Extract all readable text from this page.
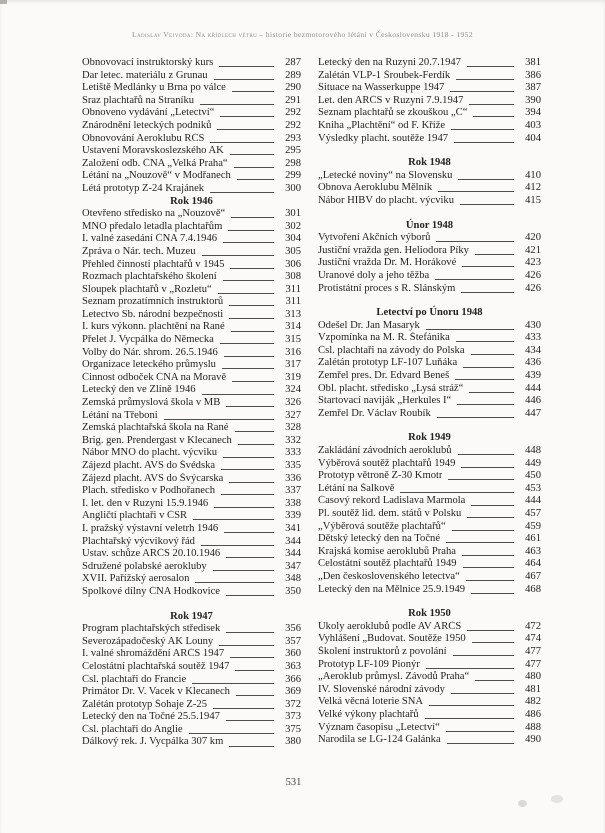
Ladislav Vejvoda: Na křídlech větru – historie bezmotorového létání v Československu 1918 - 1952
Obnovovací instruktorský kurs	287
Dar letec. materiálu z Grunau	289
Letiště Medlánky u Brna po válce	290
Sraz plachtařů na Straníku	291
Obnoveno vydávání „Letectví“	292
Znárodnění leteckých podniků	292
Obnovování Aeroklubu RČS	293
Ustavení Moravskoslezského AK	295
Založení odb. ČNA „Velká Praha“	298
Létání na „Nouzově“ v Modřanech	299
Létá prototyp Z-24 Krajánek	300
Rok 1946
Otevřeno středisko na „Nouzově“	301
MNO předalo letadla plachtařům	302
I. valné zasedání ČNA 7.4.1946	304
Zpráva o Nár. tech. Muzeu	305
Přehled činnosti plachtařů v 1945	306
Rozmach plachtařského školení	308
Sloupek plachtařů v „Rozletu“	311
Seznam prozatímních instruktorů	311
Letectvo Sb. národní bezpečnosti	313
I. kurs výkonn. plachtění na Rané	314
Přelet J. Vycpálka do Německa	315
Volby do Nár. shrom. 26.5.1946	316
Organizace leteckého průmyslu	317
Činnost odboček ČNA na Moravě	319
Letecký den ve Zlíně 1946	324
Zemská průmyslová škola v MB	326
Létání na Třeboni	327
Zemská plachtařská škola na Rané	328
Brig. gen. Prendergast v Klecanech	332
Nábor MNO do placht. výcviku	333
Zájezd placht. AVS do Švédska	335
Zájezd placht. AVS do Švýcarska	336
Plach. středisko v Podhořanech	337
I. let. den v Ruzyni 15.9.1946	338
Angličtí plachtaři v ČSR	339
I. pražský výstavní veletrh 1946	341
Plachtařský výcvikový řád	344
Ustav. schůze ARČS 20.10.1946	344
Sdružené polabské aerokluby	347
XVII. Pařížský aerosalon	348
Spolkové dílny ČNA Hodkovice	350
Rok 1947
Program plachtařských středisek	356
Severozápadočeský AK Louny	357
I. valné shromáždění ARČS 1947	360
Celostátní plachtařská soutěž 1947	363
Čsl. plachtaři do Francie	366
Primátor Dr. V. Vacek v Klecanech	369
Zalétán prototyp Šohaje Z-25	372
Letecký den na Točné 25.5.1947	373
Čsl. plachtaři do Anglie	375
Dálkový rek. J. Vycpálka 307 km	380
Letecký den na Ruzyni 20.7.1947	381
Zalétán VLP-1 Šroubek-Ferdík	386
Situace na Wasserkuppe 1947	387
Let. den ARČS v Ruzyni 7.9.1947	390
Seznam plachtařů se zkouškou „C“	394
Kniha „Plachtění“ od F. Kříže	403
Výsledky placht. soutěže 1947	404
Rok 1948
„Letecké noviny“ na Slovensku	410
Obnova Aeroklubu Mělník	412
Nábor HIBV do placht. výcviku	415
Únor 1948
Vytvoření Akčních výborů	420
Justiční vražda gen. Heliodora Píky	421
Justiční vražda Dr. M. Horákové	423
Uranové doly a jeho těžba	426
Protistátní proces s R. Slánským	426
Letectví po Únoru 1948
Odešel Dr. Jan Masaryk	430
Vzpomínka na M. R. Štefánika	433
Čsl. plachtaři na závody do Polska	434
Zalétán prototyp LF-107 Luňáka	436
Zemřel pres. Dr. Edvard Beneš	439
Obl. placht. středisko „Lysá stráž“	444
Startovací naviják „Herkules I“	446
Zemřel Dr. Václav Roubík	447
Rok 1949
Zakládání závodních aeroklubů	448
Výběrová soutěž plachtařů 1949	449
Prototyp větroně Z-30 Kmotr	450
Létání na Šalkově	453
Časový rekord Ladislava Marmola	444
Pl. soutěž lid. dem. států v Polsku	457
„Výběrová soutěže plachtařů“	459
Dětský letecký den na Točné	461
Krajská komise aeroklubů Praha	463
Celostátní soutěž plachtařů 1949	464
„Den československého letectva“	467
Letecký den na Mělnice 25.9.1949	468
Rok 1950
Úkoly aeroklubů podle AV ARČS	472
Vyhlášení „Budovat. Soutěže 1950	474
Školení instruktorů z povolání	477
Prototyp LF-109 Pionýr	477
„Aeroklub průmysl. Závodů Praha“	480
IV. Slovenské národní závody	481
Velká věcná loterie SNA	482
Velké výkony plachtařů	486
Význam časopisu „Letectví“	488
Narodila se LG-124 Galánka	490
531
